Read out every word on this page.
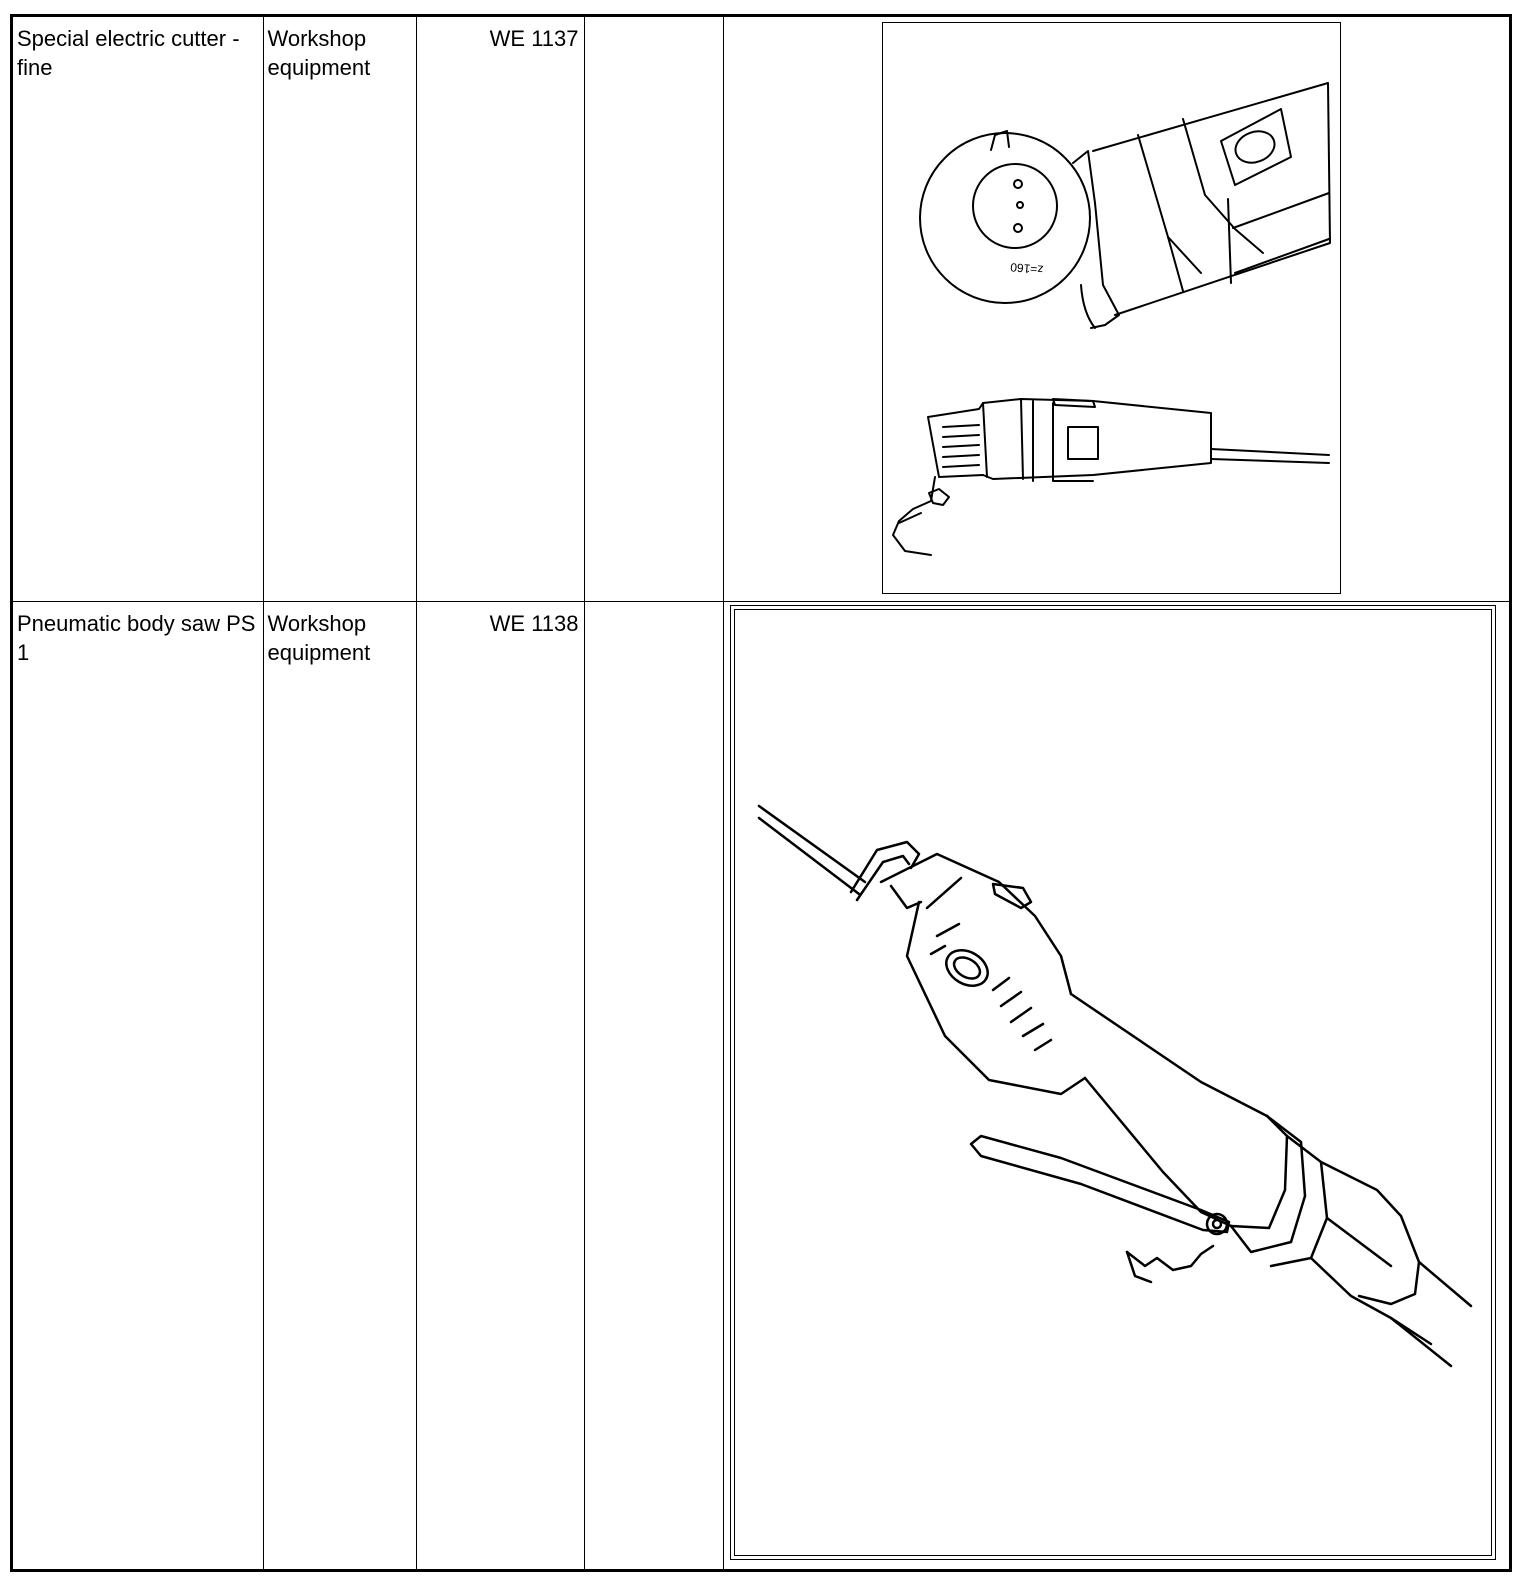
Special electric cutter - fine	Workshop equipment	WE 1137		z=160

Pneumatic body saw PS 1	Workshop equipment	WE 1138
